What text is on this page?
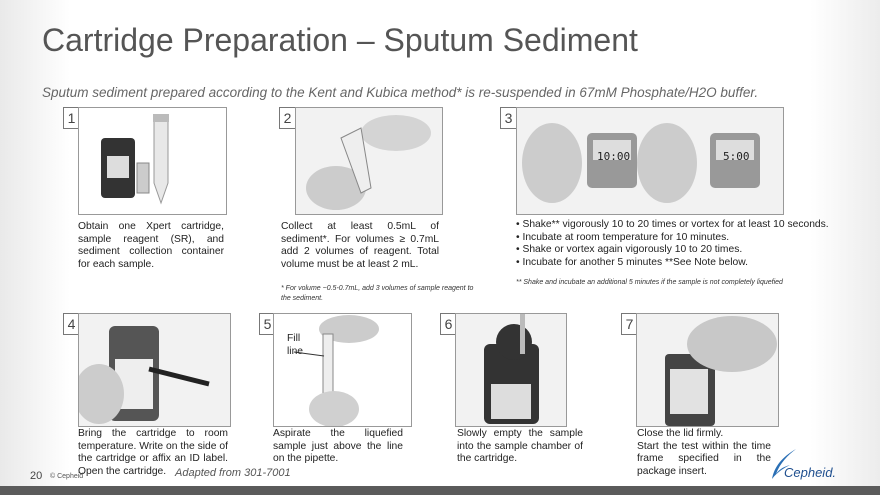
Cartridge Preparation – Sputum Sediment
Sputum sediment prepared according to the Kent and Kubica method* is re-suspended in 67mM Phosphate/H2O buffer.
1
Obtain one Xpert cartridge, sample reagent (SR), and sediment collection container for each sample.
2
Collect at least 0.5mL of sediment*. For volumes ≥ 0.7mL add 2 volumes of reagent. Total volume must be at least 2 mL.
* For volume ~0.5-0.7mL, add 3 volumes of sample reagent to the sediment.
3
10:00	5:00
• Shake** vigorously 10 to 20 times or vortex for at least 10 seconds.
• Incubate at room temperature for 10 minutes.
• Shake or vortex again vigorously 10 to 20 times.
• Incubate for another 5 minutes **See Note below.
** Shake and incubate an additional 5 minutes if the sample is not completely liquefied
4
Bring the cartridge to room temperature. Write on the side of the cartridge or affix an ID label. Open the cartridge.
5
Fill line
Aspirate the liquefied sample just above the line on the pipette.
6
Slowly empty the sample into the sample chamber of the cartridge.
7
Close the lid firmly.
Start the test within the time frame specified in the package insert.
20 © Cepheid	Adapted from 301-7001	Cepheid.
